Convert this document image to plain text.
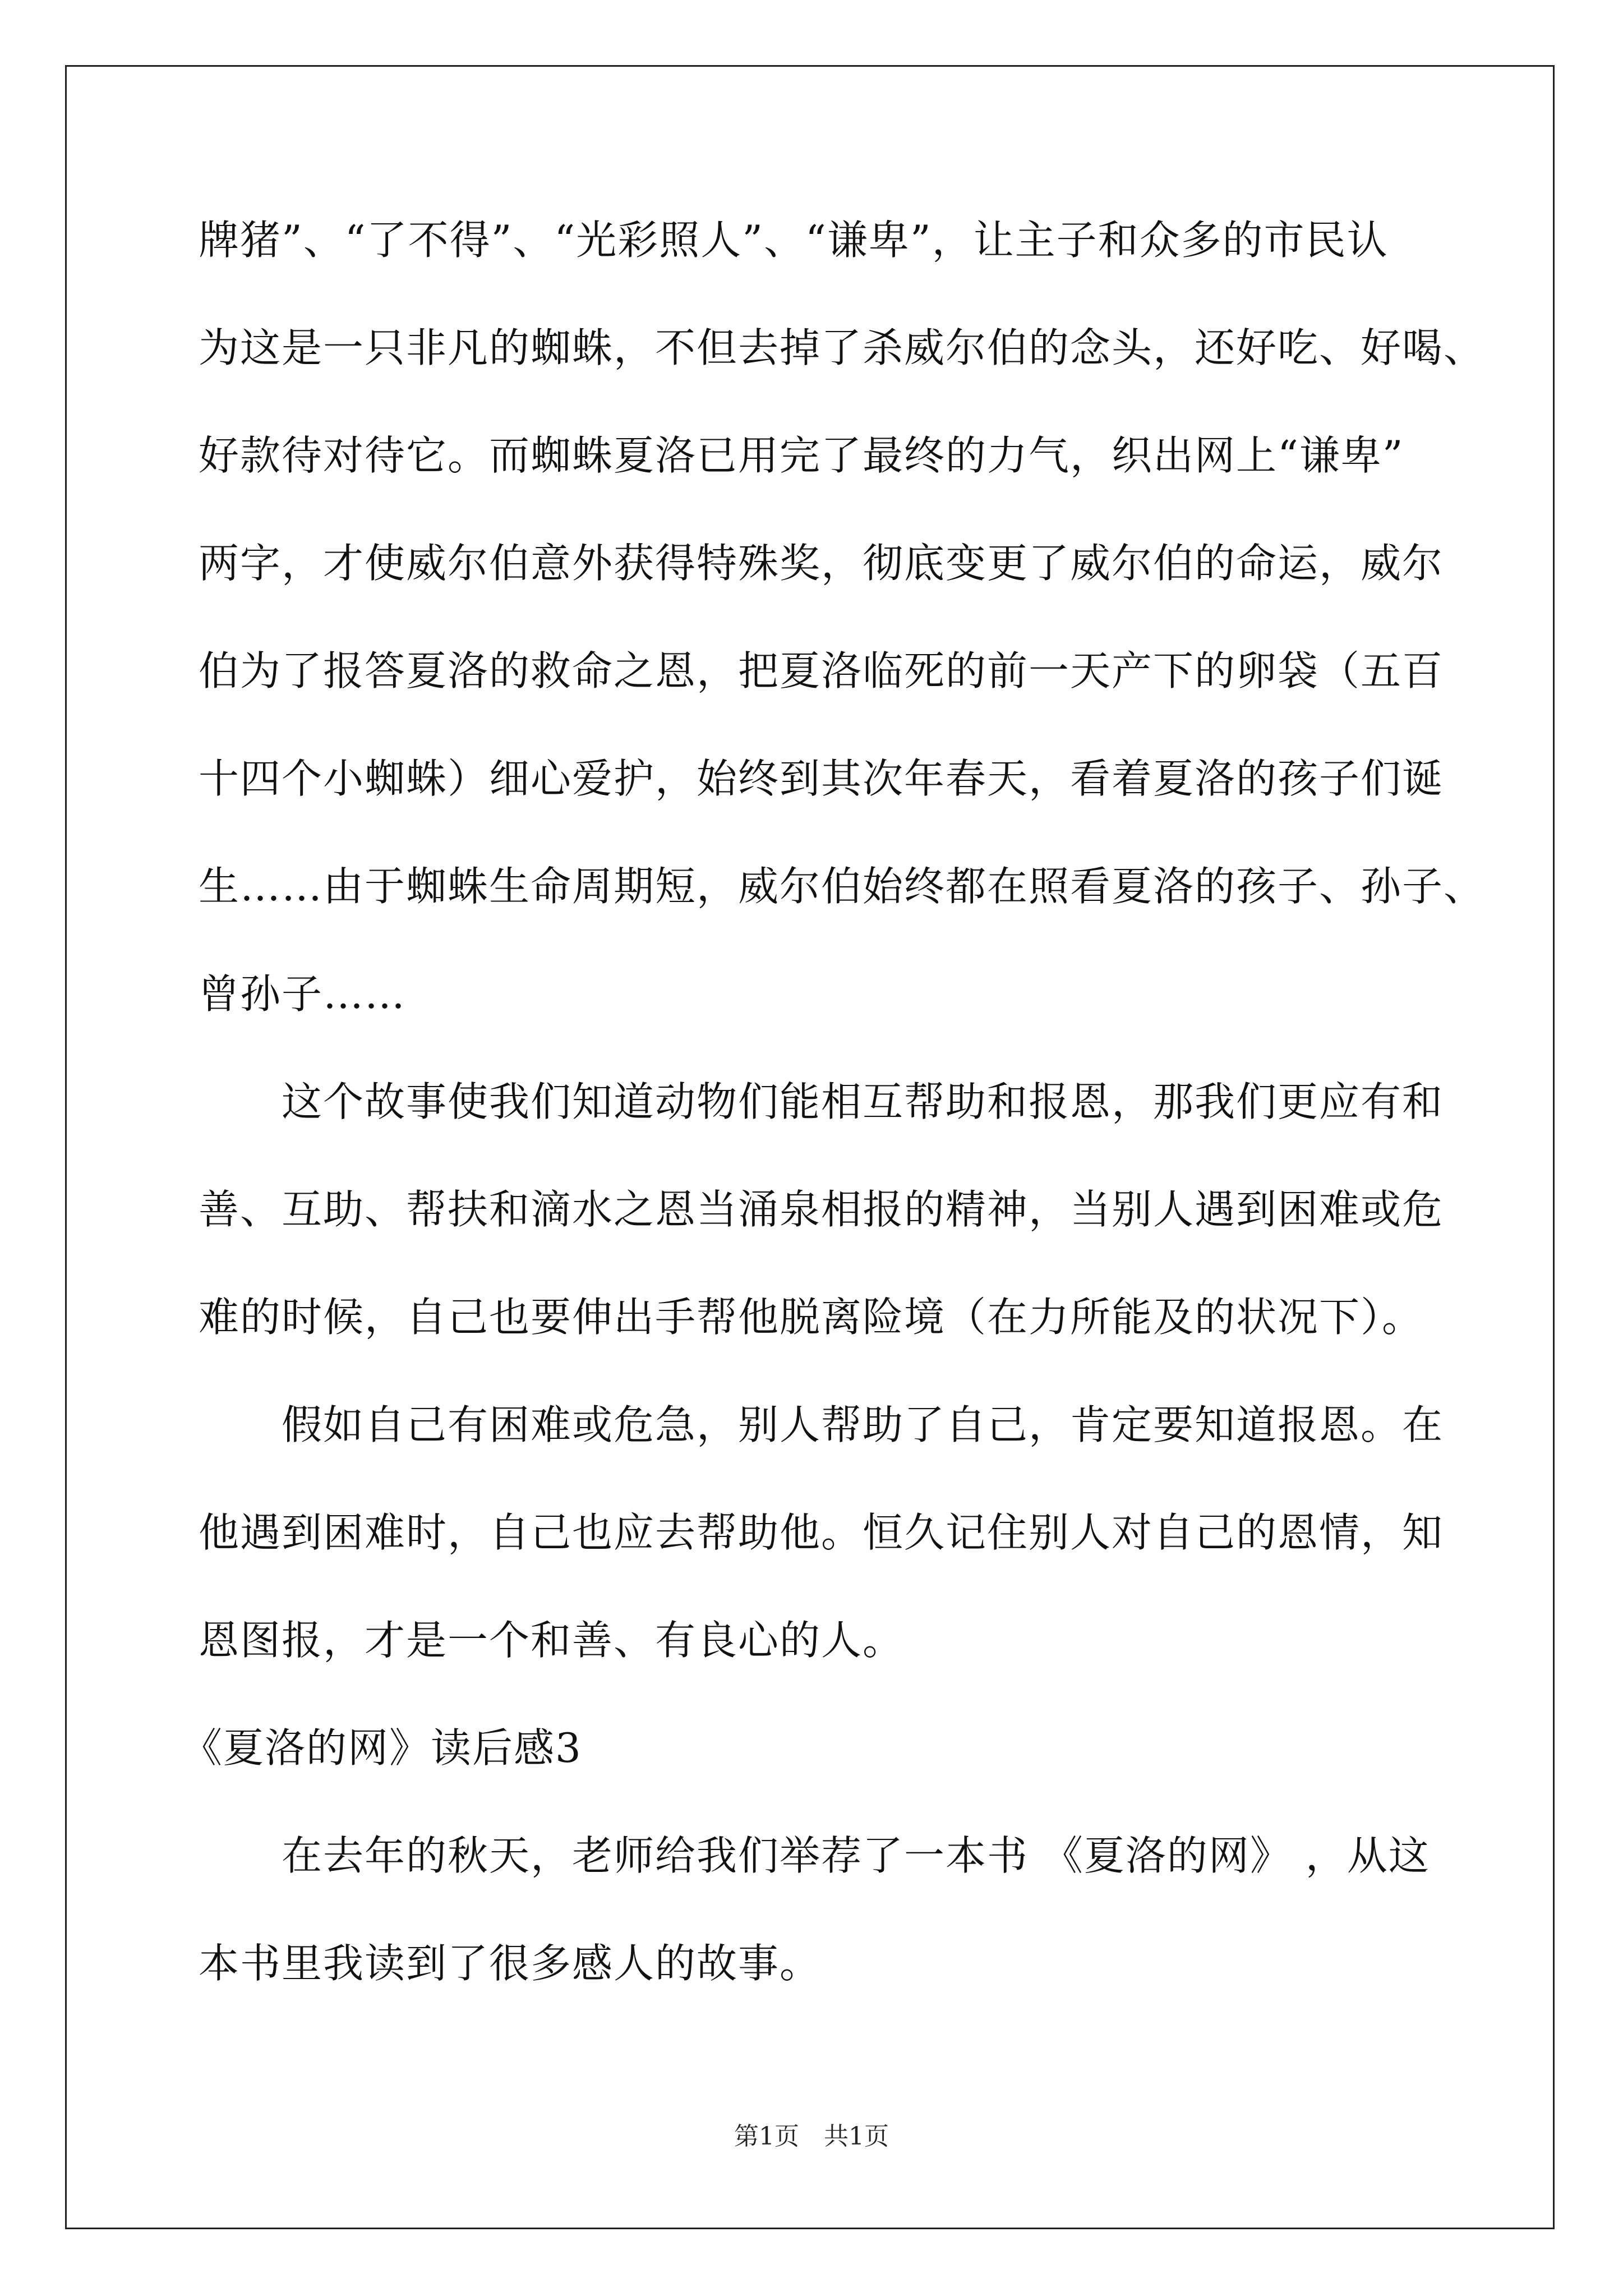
牌猪”、“了不得”、“光彩照人”、“谦卑”，让主子和众多的市民认
为这是一只非凡的蜘蛛，不但去掉了杀威尔伯的念头，还好吃、好喝、
好款待对待它。而蜘蛛夏洛已用完了最终的力气，织出网上“谦卑”
两字，才使威尔伯意外获得特殊奖，彻底变更了威尔伯的命运，威尔
伯为了报答夏洛的救命之恩，把夏洛临死的前一天产下的卵袋（五百
十四个小蜘蛛）细心爱护，始终到其次年春天，看着夏洛的孩子们诞
生……由于蜘蛛生命周期短，威尔伯始终都在照看夏洛的孩子、孙子、
曾孙子……
这个故事使我们知道动物们能相互帮助和报恩，那我们更应有和
善、互助、帮扶和滴水之恩当涌泉相报的精神，当别人遇到困难或危
难的时候，自己也要伸出手帮他脱离险境（在力所能及的状况下）。
假如自己有困难或危急，别人帮助了自己，肯定要知道报恩。在
他遇到困难时，自己也应去帮助他。恒久记住别人对自己的恩情，知
恩图报，才是一个和善、有良心的人。
《夏洛的网》读后感3
在去年的秋天，老师给我们举荐了一本书 《夏洛的网》 ，从这
本书里我读到了很多感人的故事。
第1页　共1页
